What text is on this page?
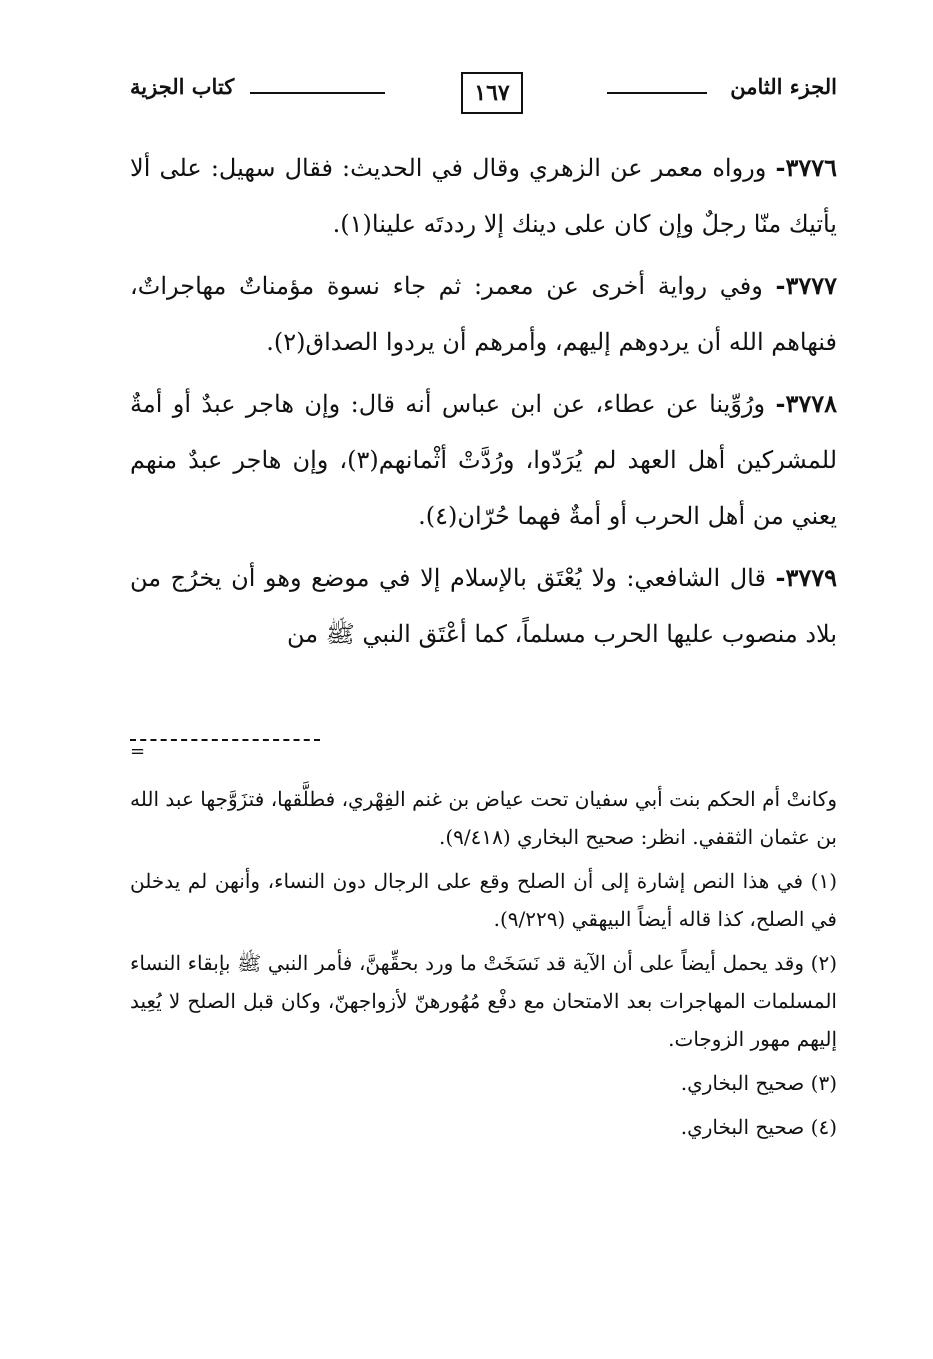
الجزء الثامن
١٦٧
كتاب الجزية

٣٧٧٦- ورواه معمر عن الزهري وقال في الحديث: فقال سهيل: على ألا يأتيك منّا رجلٌ وإن كان على دينك إلا رددتَه علينا(١).

٣٧٧٧- وفي رواية أخرى عن معمر: ثم جاء نسوة مؤمناتٌ مهاجراتٌ، فنهاهم الله أن يردوهم إليهم، وأمرهم أن يردوا الصداق(٢).

٣٧٧٨- ورُوِّينا عن عطاء، عن ابن عباس أنه قال: وإن هاجر عبدٌ أو أمةٌ للمشركين أهل العهد لم يُرَدّوا، ورُدَّتْ أثْمانهم(٣)، وإن هاجر عبدٌ منهم يعني من أهل الحرب أو أمةٌ فهما حُرّان(٤).

٣٧٧٩- قال الشافعي: ولا يُعْتَق بالإسلام إلا في موضع وهو أن يخرُج من بلاد منصوب عليها الحرب مسلماً، كما أعْتَق النبي ﷺ من

=

وكانتْ أم الحكم بنت أبي سفيان تحت عياض بن غنم الفِهْري، فطلَّقها، فتزَوَّجها عبد الله بن عثمان الثقفي. انظر: صحيح البخاري (٩/٤١٨).

(١) في هذا النص إشارة إلى أن الصلح وقع على الرجال دون النساء، وأنهن لم يدخلن في الصلح، كذا قاله أيضاً البيهقي (٩/٢٢٩).

(٢) وقد يحمل أيضاً على أن الآية قد نَسَخَتْ ما ورد بحقِّهنَّ، فأمر النبي ﷺ بإبقاء النساء المسلمات المهاجرات بعد الامتحان مع دفْع مُهُورهنّ لأزواجهنّ، وكان قبل الصلح لا يُعِيد إليهم مهور الزوجات.

(٣) صحيح البخاري.

(٤) صحيح البخاري.
